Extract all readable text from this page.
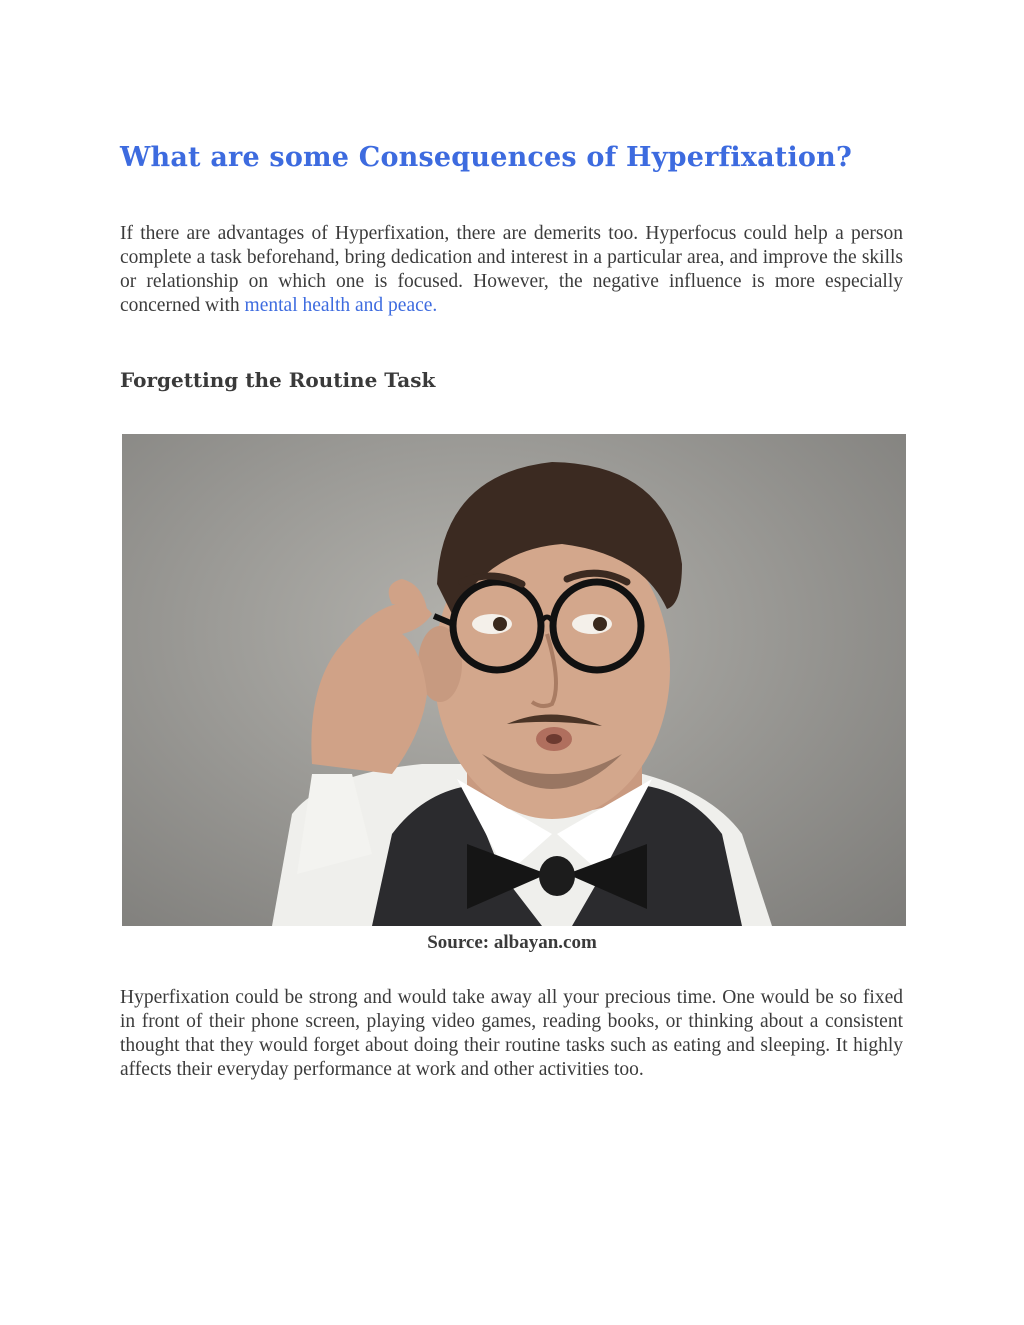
What are some Consequences of Hyperfixation?

If there are advantages of Hyperfixation, there are demerits too. Hyperfocus could help a person complete a task beforehand, bring dedication and interest in a particular area, and improve the skills or relationship on which one is focused. However, the negative influence is more especially concerned with mental health and peace.

Forgetting the Routine Task

Source: albayan.com

Hyperfixation could be strong and would take away all your precious time. One would be so fixed in front of their phone screen, playing video games, reading books, or thinking about a consistent thought that they would forget about doing their routine tasks such as eating and sleeping. It highly affects their everyday performance at work and other activities too.
